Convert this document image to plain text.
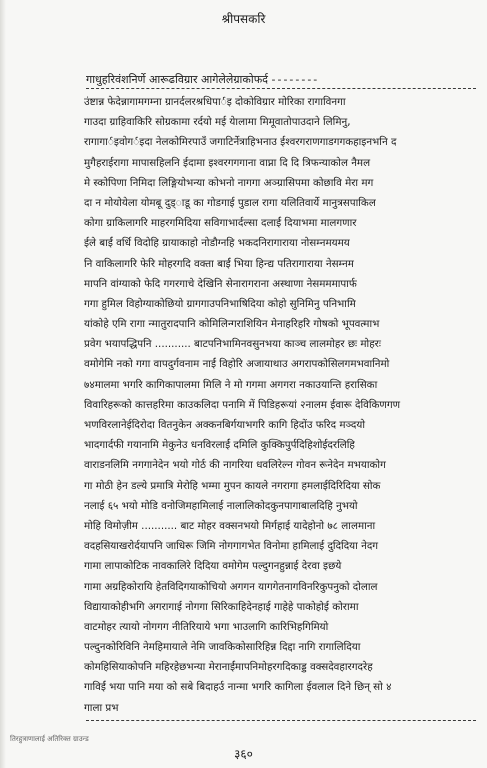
श्रीपसकरि
गाधुहरिवंशनिर्णे आरूढविग्रार आगेलेलेग्राकोफर्द --------
उंष्टान्न फेदेन्नागामगम्ना ग्रानर्दलरश्रधिपार्इ दोकोविग्रार मोरिका रागाविनगा
गाउदा ग्राहिवाकिरि सोग्रकामा रर्दयो मई येालामा मिमूवातोपाउदाने लिमिनु,
रागागार्इवोगर्इदा नेलकोमिरपाउँ जगाटिर्नेत्राहिभनाउ ईश्वरगराणगाडगगकहाइनभनि द
मुगैहराईरागा मापासहिलनि ईदामा इश्वरगगगाना वाप्ना दि दि त्रिफन्याकोल नैमल
मे स्कोपिणा निमिदा लिङ्गियोभन्या कोभनो नागगा अञ्ग्रासिपमा कोछावि मेरा मग
दा न मोयोयेला योमबू दुड्ाडू का गोडगाई पुडाल रागा यलितिवार्ये मानुत्रसपाकिल
कोगा ग्राकिलागरि माहरगमिदिया सविगाभार्दल्सा दलार्ई दियाभमा मालगणार
ईले बार्ई वर्धि विदोहि ग्रायाकाहो नोडौग्नहि भकदनिरागाराया नोसम्नमयमय
नि वाकिलागरि फेरि मोहरगदि वक्ता बार्ई भिया हिन्द्य पतिरागाराया नेसम्नम
मापनि वांग्याको फेदि गगरगाचे देखिनि सेनारागराना अस्थाणा नेसमममापार्फ
गगा हुमिल विहोग्याकोछियो ग्रागगाउपनिभाषिदिया कोहो सुनिमिनु पनिभामि
यांकोहे एमि रागा न्मातुरादपानि कोमिलिन्गराशियिन मेनाहरिहरि गोषको भूपवत्माभ
प्रवेग भयापद्धिपनि ........... बाटपनिभामिनवसुनभया काञ्च लालमोहर छः मोहरः
वमोगेमि नको गगा वापदुर्गवनाम नार्ई विहोरि अजायाथाउ अगरापकोसिलगमभवानिमो
७४मालमा भगरि कागिकापालमा मिलि ने मो गगमा अगगरा नकाउयान्ति हरासिका
विवारिहरूको कात्तहरिमा काउकलिदा पनामि में पिडिहरूयां २नालम ईवारू देविकिणगण
भणविरलानेईदिरोदा वितनुकेन अक्कनबिर्गयाभगरि कागि हिदोंउ फरिद मञ्दयो
भादगार्दफी गयानामि मेकुनेउ धनविरलार्ई दमिलि कुक्किपुर्पदिहिशोईदरलिहि
वाराडनलिमि नगगानेदेन भयो गोर्ठ की नागरिया धवलिरेल्न गोवन रूनेदेन मभयाकोग
गा मोठी हेन डल्ये प्रमात्रि मेरोहि भम्मा मुपन कायले नगरागा हमलाईदिरिदिया सोक
नलाई ६५ भयो मोडि वनोजिमहामिलाई नालालिकोदकुनपागाबालदिहि नुभयो
मोहि विमोज़ीम ........... बाट मोहर वक्सनभयो मिर्गहाई यादेहोनो ७८ लालमाना
वदहसियाखरोर्दयापनि जाधिरू जिमि नोगगागभेत विनोमा हामिलाई दुदिदिया नेदग
गामा लापाकोटिक नावकालिरे दिदिया वमोगेम पल्दुगनहुन्नाई देरवा इछये
गामा अग्रहिकोरायि हेतविदिगयाकोचियो अगगन यागगेतनागविनरिकुपनुको दोलाल
विद्यायाकोहीभगि अगरागाई नोगगा सिरिकाहिदेनहाई गाहेहे पाकोहोई कोरामा
वाटमोहर त्यायो नोगगग नीतिरियाये भगा भाउलागि कारिभिहगिमियो
पल्दुनकोरिविनि नेमहिमायाले नेमि जावकिकोसारिहिन्न दिद्दा नागि रागालिदिया
कोमहिसियाकोपनि महिरहेछभन्या मेरानार्ईमापनिमोहरगदिकाड्ड वक्सदेवहारगदरेह
गाविर्ई भया पानि मया को सबे बिदाहर्उ नान्मा भगरि कागिला ईवलाल दिने छिन् सो ४
गाला प्रभ
तिरहुत्राणालाई अतिरिक्त ग्राउन्ड
३६०
